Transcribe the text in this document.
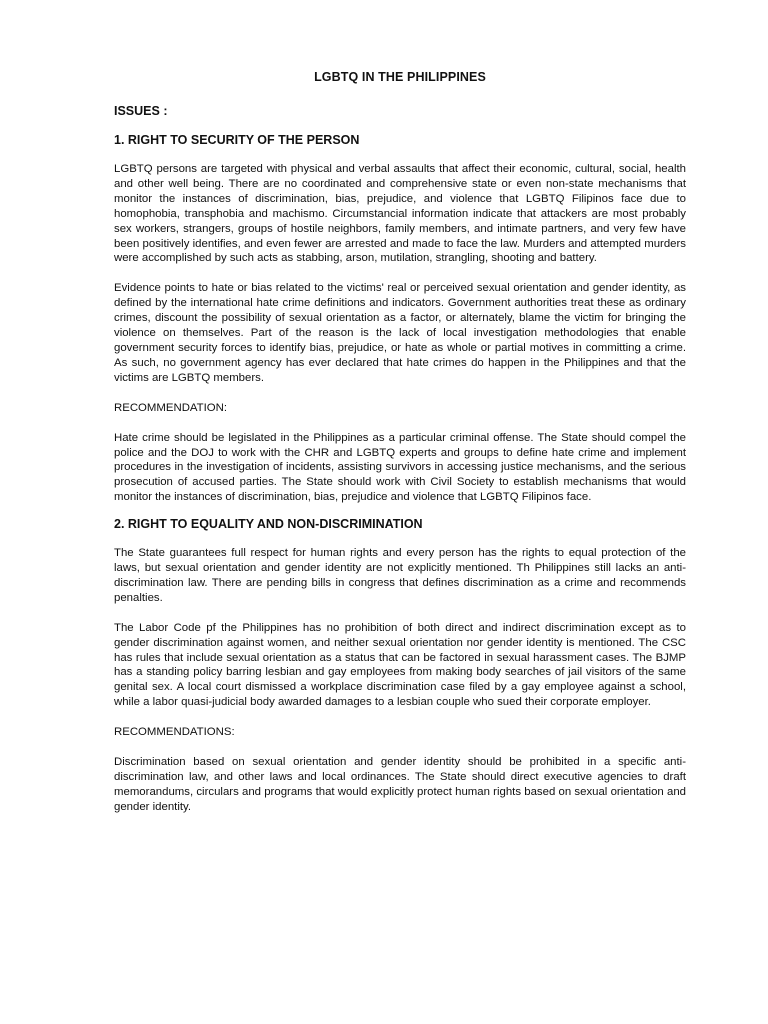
LGBTQ IN THE PHILIPPINES
ISSUES :
1. RIGHT TO SECURITY OF THE PERSON

LGBTQ persons are targeted with physical and verbal assaults that affect their economic, cultural, social, health and other well being. There are no coordinated and comprehensive state or even non-state mechanisms that monitor the instances of discrimination, bias, prejudice, and violence that LGBTQ Filipinos face due to homophobia, transphobia and machismo. Circumstancial information indicate that attackers are most probably sex workers, strangers, groups of hostile neighbors, family members, and intimate partners, and very few have been positively identifies, and even fewer are arrested and made to face the law. Murders and attempted murders were accomplished by such acts as stabbing, arson, mutilation, strangling, shooting and battery.

Evidence points to hate or bias related to the victims' real or perceived sexual orientation and gender identity, as defined by the international hate crime definitions and indicators. Government authorities treat these as ordinary crimes, discount the possibility of sexual orientation as a factor, or alternately, blame the victim for bringing the violence on themselves. Part of the reason is the lack of local investigation methodologies that enable government security forces to identify bias, prejudice, or hate as whole or partial motives in committing a crime. As such, no government agency has ever declared that hate crimes do happen in the Philippines and that the victims are LGBTQ members.

RECOMMENDATION:

Hate crime should be legislated in the Philippines as a particular criminal offense. The State should compel the police and the DOJ to work with the CHR and LGBTQ experts and groups to define hate crime and implement procedures in the investigation of incidents, assisting survivors in accessing justice mechanisms, and the serious prosecution of accused parties. The State should work with Civil Society to establish mechanisms that would monitor the instances of discrimination, bias, prejudice and violence that LGBTQ Filipinos face.

2. RIGHT TO EQUALITY AND NON-DISCRIMINATION

The State guarantees full respect for human rights and every person has the rights to equal protection of the laws, but sexual orientation and gender identity are not explicitly mentioned. Th Philippines still lacks an anti-discrimination law. There are pending bills in congress that defines discrimination as a crime and recommends penalties.

The Labor Code pf the Philippines has no prohibition of both direct and indirect discrimination except as to gender discrimination against women, and neither sexual orientation nor gender identity is mentioned. The CSC has rules that include sexual orientation as a status that can be factored in sexual harassment cases. The BJMP has a standing policy barring lesbian and gay employees from making body searches of jail visitors of the same genital sex. A local court dismissed a workplace discrimination case filed by a gay employee against a school, while a labor quasi-judicial body awarded damages to a lesbian couple who sued their corporate employer.

RECOMMENDATIONS:

Discrimination based on sexual orientation and gender identity should be prohibited in a specific anti-discrimination law, and other laws and local ordinances. The State should direct executive agencies to draft memorandums, circulars and programs that would explicitly protect human rights based on sexual orientation and gender identity.
